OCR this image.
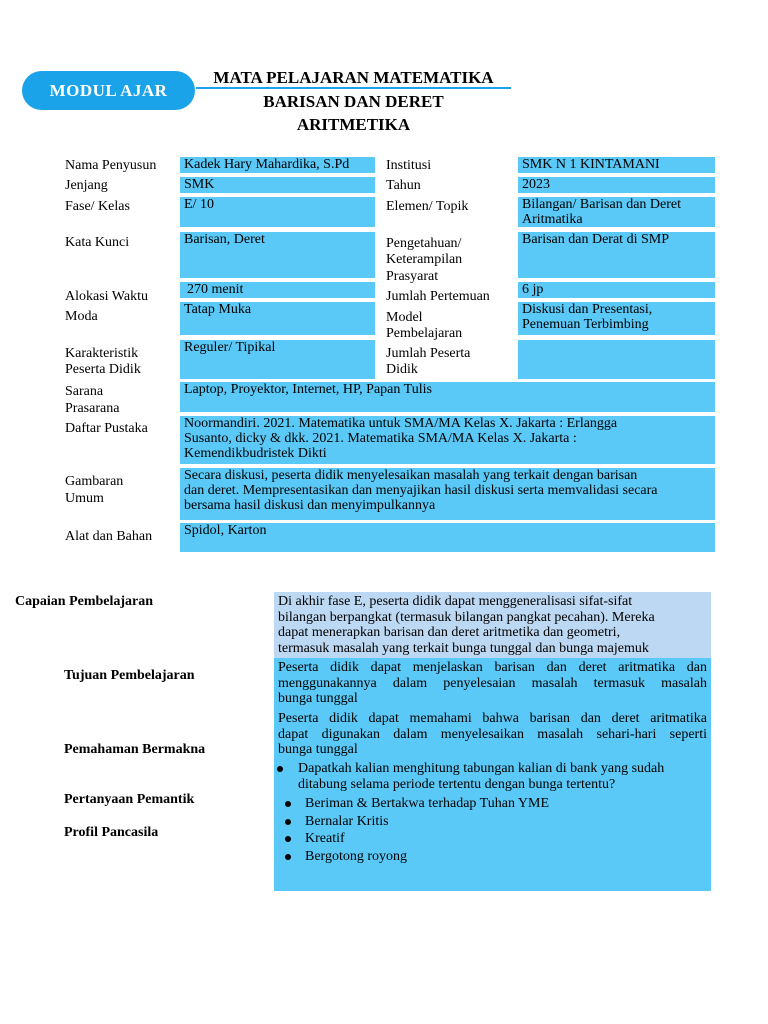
MODUL AJAR
MATA PELAJARAN MATEMATIKA
BARISAN DAN DERET
ARITMETIKA
Nama Penyusun
Jenjang
Fase/ Kelas
Kata Kunci
Alokasi Waktu
Moda
Karakteristik
Peserta Didik
Sarana
Prasarana
Daftar Pustaka
Gambaran
Umum
Alat dan Bahan
Kadek Hary Mahardika, S.Pd
SMK
E/ 10
Barisan, Deret
270 menit
Tatap Muka
Reguler/ Tipikal
Laptop, Proyektor, Internet, HP, Papan Tulis
Institusi
Tahun
Elemen/ Topik
Pengetahuan/
Keterampilan
Prasyarat
Jumlah Pertemuan
Model
Pembelajaran
Jumlah Peserta
Didik
SMK N 1 KINTAMANI
2023
Bilangan/ Barisan dan Deret
Aritmatika
Barisan dan Derat di SMP
6 jp
Diskusi dan Presentasi,
Penemuan Terbimbing
Noormandiri. 2021. Matematika untuk SMA/MA Kelas X. Jakarta : Erlangga
Susanto, dicky & dkk. 2021. Matematika SMA/MA Kelas X. Jakarta :
Kemendikbudristek Dikti
Secara diskusi, peserta didik menyelesaikan masalah yang terkait dengan barisan
dan deret. Mempresentasikan dan menyajikan hasil diskusi serta memvalidasi secara
bersama hasil diskusi dan menyimpulkannya
Spidol, Karton
Capaian Pembelajaran
Tujuan Pembelajaran
Pemahaman Bermakna
Pertanyaan Pemantik
Profil Pancasila
Di akhir fase E, peserta didik dapat menggeneralisasi sifat-sifat
bilangan berpangkat (termasuk bilangan pangkat pecahan). Mereka
dapat menerapkan barisan dan deret aritmetika dan geometri,
termasuk masalah yang terkait bunga tunggal dan bunga majemuk
Peserta didik dapat menjelaskan barisan dan deret aritmatika dan
menggunakannya dalam penyelesaian masalah termasuk masalah
bunga tunggal
Peserta didik dapat memahami bahwa barisan dan deret aritmatika
dapat digunakan dalam menyelesaikan masalah sehari-hari seperti
bunga tunggal
Dapatkah kalian menghitung tabungan kalian di bank yang sudah
ditabung selama periode tertentu dengan bunga tertentu?
Beriman & Bertakwa terhadap Tuhan YME
Bernalar Kritis
Kreatif
Bergotong royong
